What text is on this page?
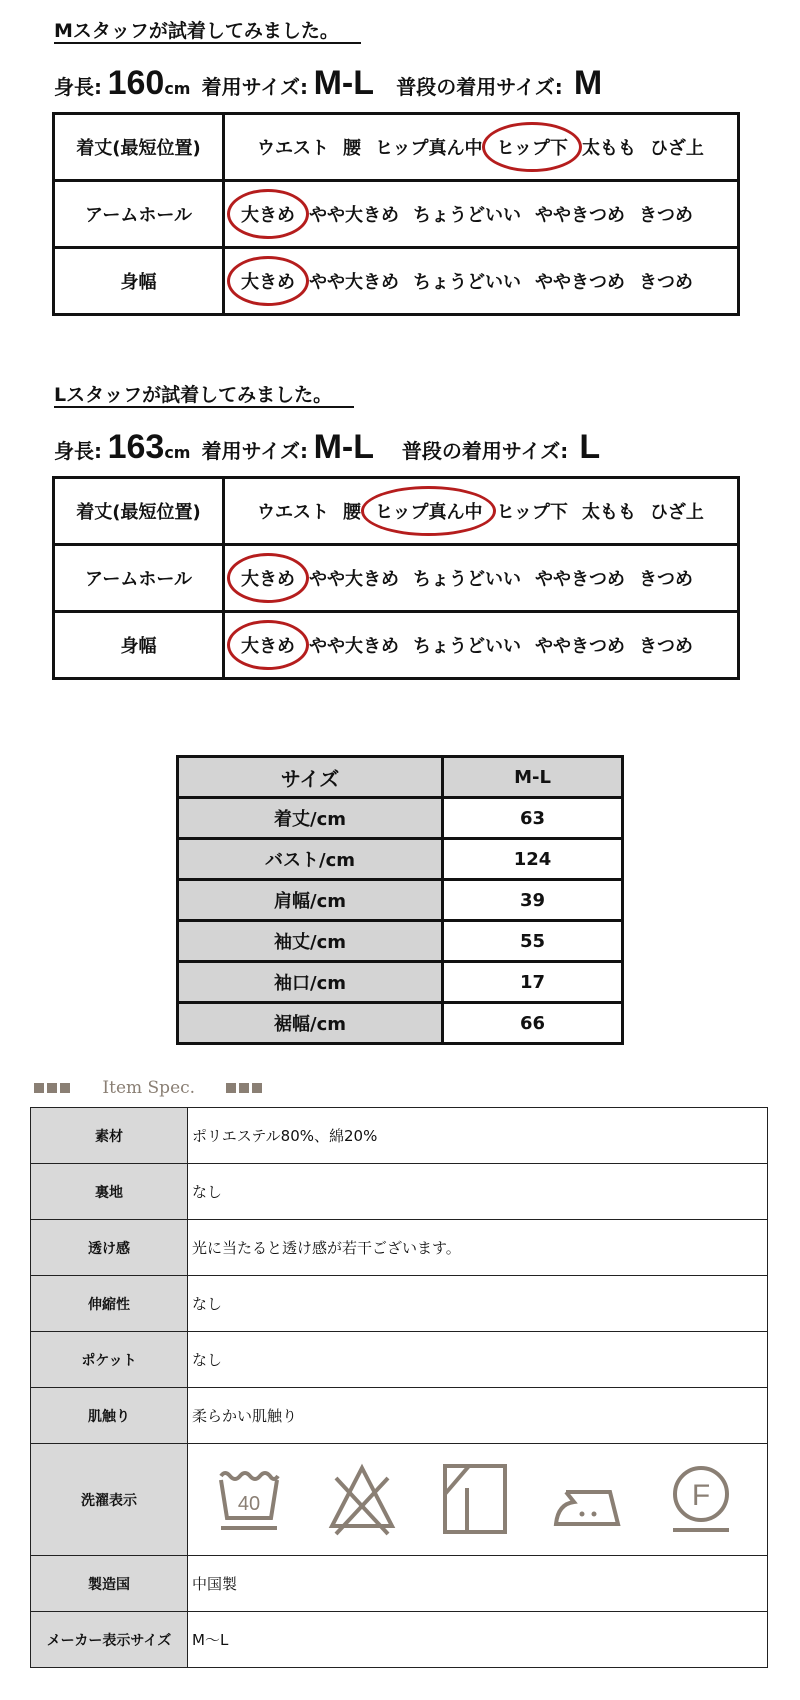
Mスタッフが試着してみました。
身長: 160cm 着用サイズ: M-L 普段の着用サイズ: M
着丈(最短位置)	ウエスト 腰 ヒップ真ん中 ヒップ下 太もも ひざ上
アームホール	大きめ やや大きめ ちょうどいい ややきつめ きつめ
身幅	大きめ やや大きめ ちょうどいい ややきつめ きつめ
Lスタッフが試着してみました。
身長: 163cm 着用サイズ: M-L 普段の着用サイズ: L
着丈(最短位置)	ウエスト 腰 ヒップ真ん中 ヒップ下 太もも ひざ上
アームホール	大きめ やや大きめ ちょうどいい ややきつめ きつめ
身幅	大きめ やや大きめ ちょうどいい ややきつめ きつめ
サイズ	M-L
着丈/cm	63
バスト/cm	124
肩幅/cm	39
袖丈/cm	55
袖口/cm	17
裾幅/cm	66
Item Spec.
素材	ポリエステル80%、綿20%
裏地	なし
透け感	光に当たると透け感が若干ございます。
伸縮性	なし
ポケット	なし
肌触り	柔らかい肌触り
洗濯表示	40 F

製造国	中国製
メーカー表示サイズ	M〜L
